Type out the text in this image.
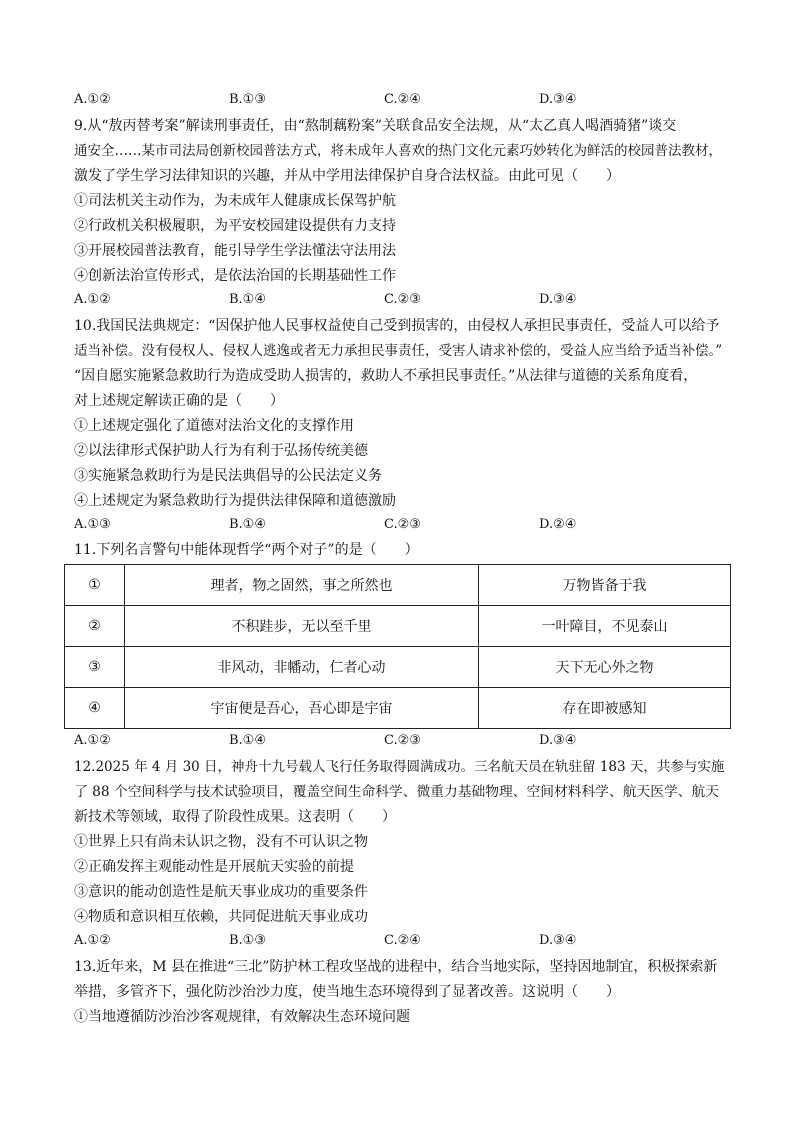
A.①②	B.①③	C.②④	D.③④
9.从“敖丙替考案”解读刑事责任，由“熬制藕粉案”关联食品安全法规，从“太乙真人喝酒骑猪”谈交
通安全……某市司法局创新校园普法方式，将未成年人喜欢的热门文化元素巧妙转化为鲜活的校园普法教材，
激发了学生学习法律知识的兴趣，并从中学用法律保护自身合法权益。由此可见（　　）
①司法机关主动作为，为未成年人健康成长保驾护航
②行政机关积极履职，为平安校园建设提供有力支持
③开展校园普法教育，能引导学生学法懂法守法用法
④创新法治宣传形式，是依法治国的长期基础性工作
A.①②	B.①④	C.②③	D.③④
10.我国民法典规定：“因保护他人民事权益使自己受到损害的，由侵权人承担民事责任，受益人可以给予
适当补偿。没有侵权人、侵权人逃逸或者无力承担民事责任，受害人请求补偿的，受益人应当给予适当补偿。”
“因自愿实施紧急救助行为造成受助人损害的，救助人不承担民事责任。”从法律与道德的关系角度看，
对上述规定解读正确的是（　　）
①上述规定强化了道德对法治文化的支撑作用
②以法律形式保护助人行为有利于弘扬传统美德
③实施紧急救助行为是民法典倡导的公民法定义务
④上述规定为紧急救助行为提供法律保障和道德激励
A.①③	B.①④	C.②③	D.②④
11.下列名言警句中能体现哲学“两个对子”的是（　　）
①	理者，物之固然，事之所然也	万物皆备于我
②	不积跬步，无以至千里	一叶障目，不见泰山
③	非风动，非幡动，仁者心动	天下无心外之物
④	宇宙便是吾心，吾心即是宇宙	存在即被感知
A.①②	B.①④	C.②③	D.③④
12.2025 年 4 月 30 日，神舟十九号载人飞行任务取得圆满成功。三名航天员在轨驻留 183 天，共参与实施
了 88 个空间科学与技术试验项目，覆盖空间生命科学、微重力基础物理、空间材料科学、航天医学、航天
新技术等领域，取得了阶段性成果。这表明（　　）
①世界上只有尚未认识之物，没有不可认识之物
②正确发挥主观能动性是开展航天实验的前提
③意识的能动创造性是航天事业成功的重要条件
④物质和意识相互依赖，共同促进航天事业成功
A.①②	B.①③	C.②④	D.③④
13.近年来，M 县在推进“三北”防护林工程攻坚战的进程中，结合当地实际，坚持因地制宜，积极探索新
举措，多管齐下，强化防沙治沙力度，使当地生态环境得到了显著改善。这说明（　　）
①当地遵循防沙治沙客观规律，有效解决生态环境问题
